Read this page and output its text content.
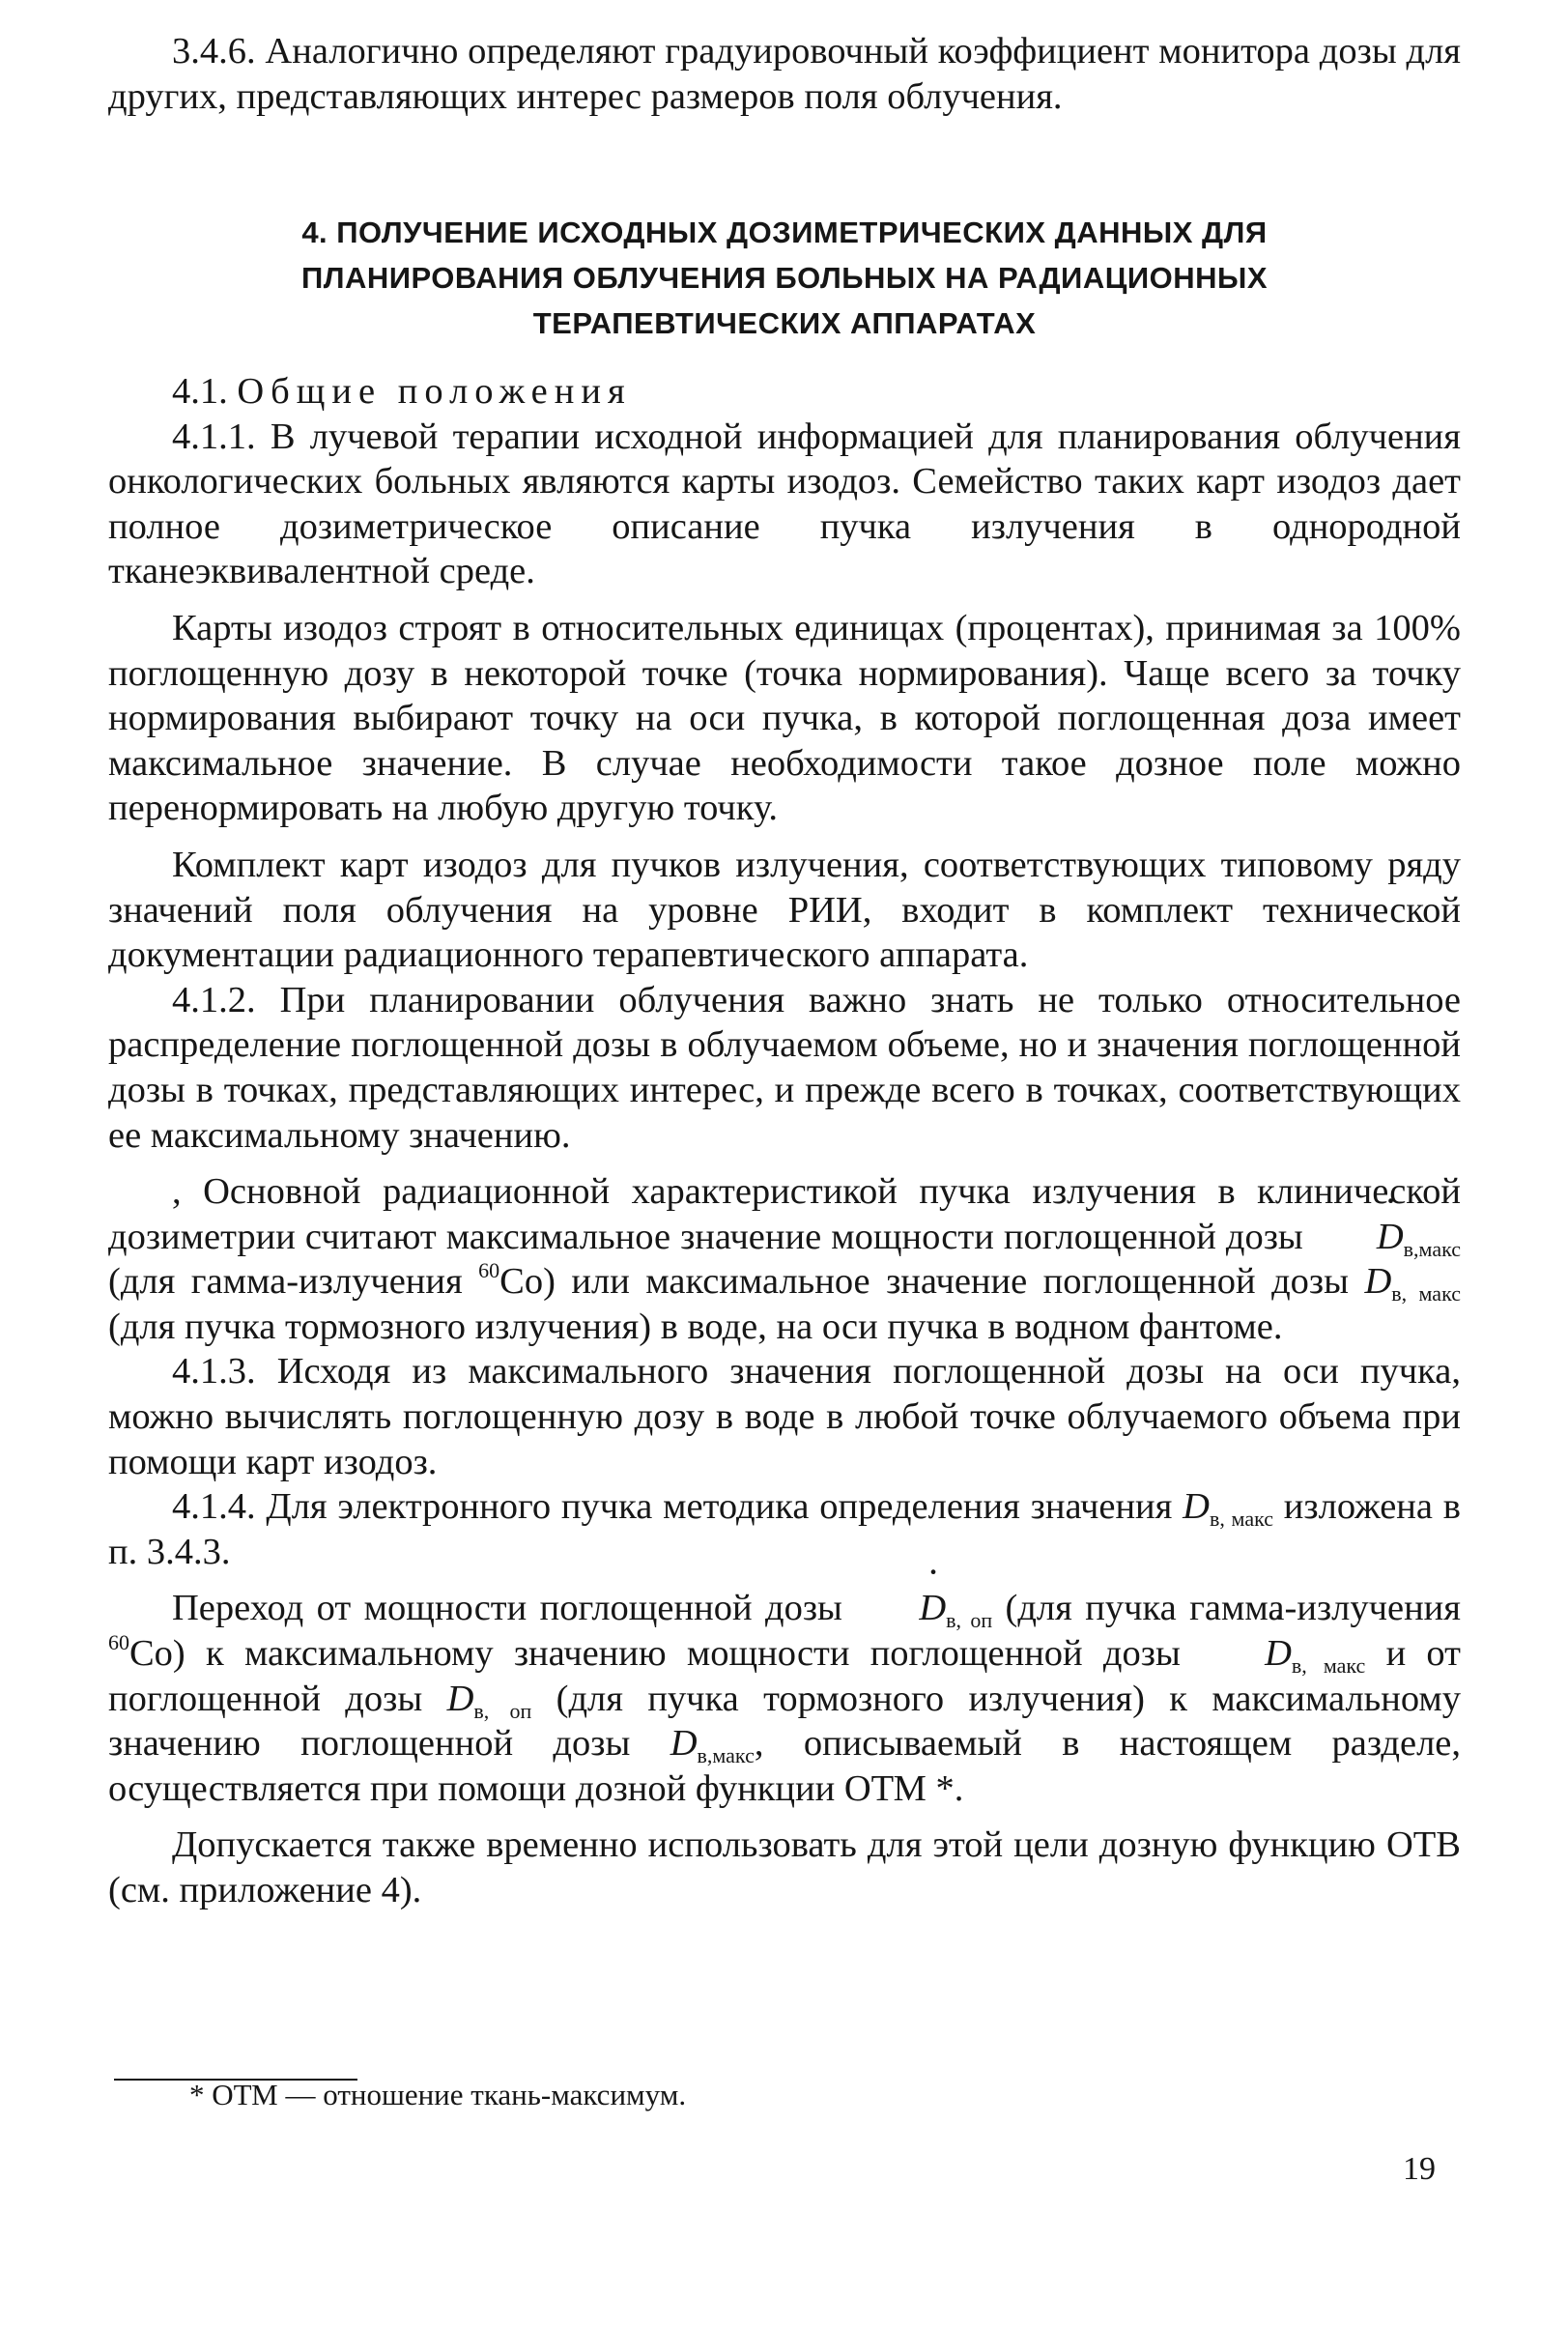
3.4.6. Аналогично определяют градуировочный коэффициент монитора дозы для других, представляющих интерес размеров поля облучения.

4. ПОЛУЧЕНИЕ ИСХОДНЫХ ДОЗИМЕТРИЧЕСКИХ ДАННЫХ ДЛЯ
ПЛАНИРОВАНИЯ ОБЛУЧЕНИЯ БОЛЬНЫХ НА РАДИАЦИОННЫХ
ТЕРАПЕВТИЧЕСКИХ АППАРАТАХ

4.1. Общие положения

4.1.1. В лучевой терапии исходной информацией для планирования облучения онкологических больных являются карты изодоз. Семейство таких карт изодоз дает полное дозиметрическое описание пучка излучения в однородной тканеэквивалентной среде.

Карты изодоз строят в относительных единицах (процентах), принимая за 100% поглощенную дозу в некоторой точке (точка нормирования). Чаще всего за точку нормирования выбирают точку на оси пучка, в которой поглощенная доза имеет максимальное значение. В случае необходимости такое дозное поле можно перенормировать на любую другую точку.

Комплект карт изодоз для пучков излучения, соответствующих типовому ряду значений поля облучения на уровне РИИ, входит в комплект технической документации радиационного терапевтического аппарата.

4.1.2. При планировании облучения важно знать не только относительное распределение поглощенной дозы в облучаемом объеме, но и значения поглощенной дозы в точках, представляющих интерес, и прежде всего в точках, соответствующих ее максимальному значению.

, Основной радиационной характеристикой пучка излучения в клинической дозиметрии считают максимальное значение мощности поглощенной дозы · $D_{в,макс}$ (для гамма-излучения $^{60}$Co) или максимальное значение поглощенной дозы $D_{в, макс}$ (для пучка тормозного излучения) в воде, на оси пучка в водном фантоме.

4.1.3. Исходя из максимального значения поглощенной дозы на оси пучка, можно вычислять поглощенную дозу в воде в любой точке облучаемого объема при помощи карт изодоз.

4.1.4. Для электронного пучка методика определения значения $D_{в, макс}$ изложена в п. 3.4.3.

Переход от мощности поглощенной дозы · $D_{в, оп}$ (для пучка гамма-излучения $^{60}$Co) к максимальному значению мощности поглощенной дозы · $D_{в, макс}$ и от поглощенной дозы $D_{в, оп}$ (для пучка тормозного излучения) к максимальному значению поглощенной дозы $D_{в,макс}$, описываемый в настоящем разделе, осуществляется при помощи дозной функции ОТМ *.

Допускается также временно использовать для этой цели дозную функцию ОТВ (см. приложение 4).

* ОТМ — отношение ткань-максимум.

19
